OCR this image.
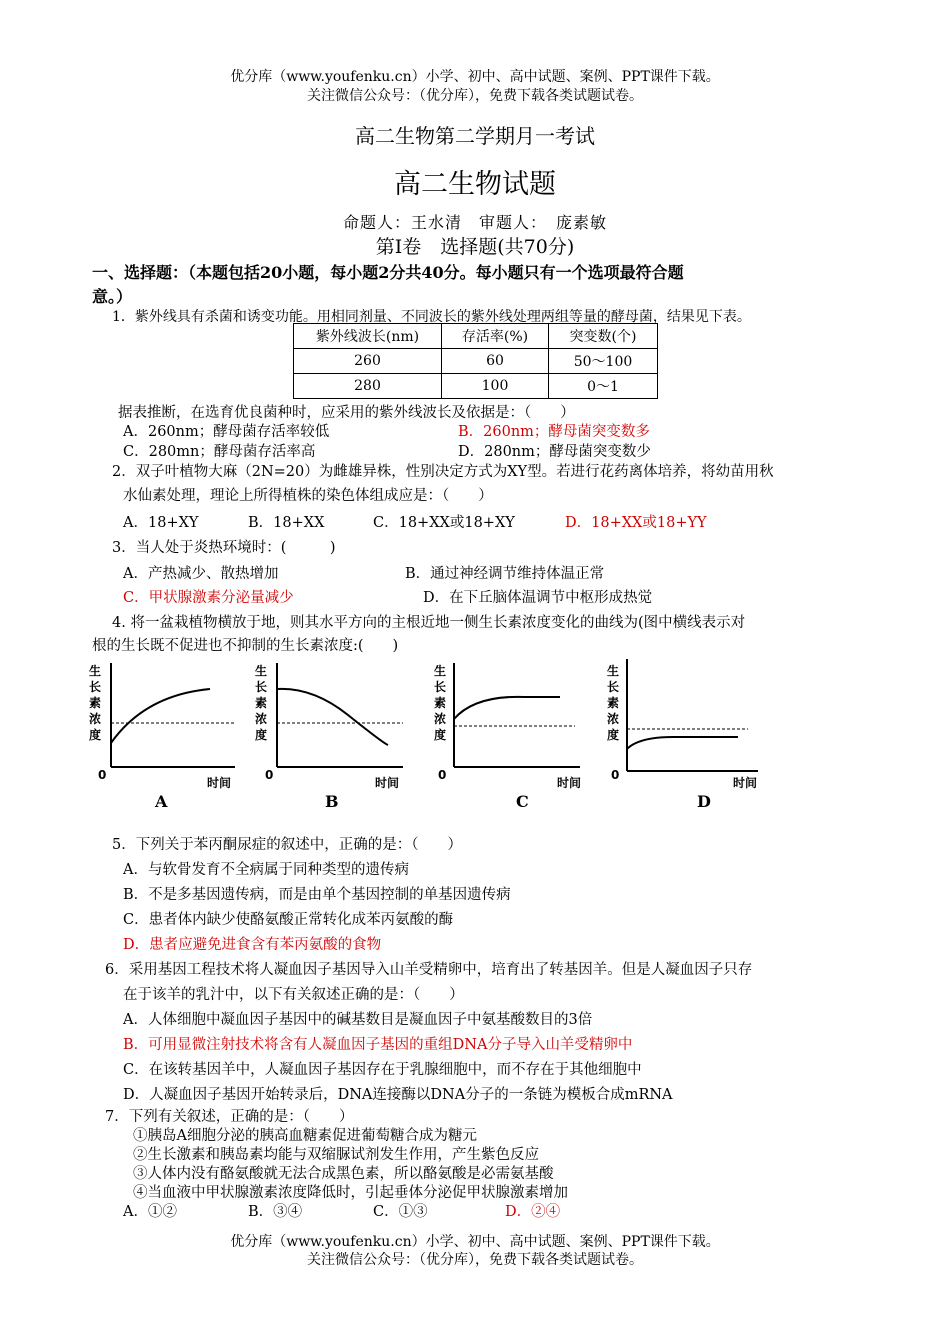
优分库（www.youfenku.cn）小学、初中、高中试题、案例、PPT课件下载。
关注微信公众号：（优分库），免费下载各类试题试卷。
高二生物第二学期月一考试
高二生物试题
命题人：王水清　审题人：　庞素敏
第Ⅰ卷　选择题(共70分)
一、选择题：（本题包括20小题，每小题2分共40分。每小题只有一个选项最符合题
意。）
1．紫外线具有杀菌和诱变功能。用相同剂量、不同波长的紫外线处理两组等量的酵母菌，结果见下表。
紫外线波长(nm)	存活率(%)	突变数(个)
260	60	50～100
280	100	0～1
据表推断，在选育优良菌种时，应采用的紫外线波长及依据是：（　　）
A．260nm；酵母菌存活率较低	B．260nm；酵母菌突变数多
C．280mn；酵母菌存活率高	D．280nm；酵母菌突变数少
2．双子叶植物大麻（2N=20）为雌雄异株，性别决定方式为XY型。若进行花药离体培养，将幼苗用秋
水仙素处理，理论上所得植株的染色体组成应是：（　　）
A．18+XY	B．18+XX	C．18+XX或18+XY	D．18+XX或18+YY
3．当人处于炎热环境时：(　　　)
A．产热减少、散热增加	B．通过神经调节维持体温正常
C．甲状腺激素分泌量减少	D．在下丘脑体温调节中枢形成热觉
4. 将一盆栽植物横放于地，则其水平方向的主根近地一侧生长素浓度变化的曲线为(图中横线表示对
根的生长既不促进也不抑制的生长素浓度:(　　)
生
长
素
浓
度
0
时间
A
生
长
素
浓
度
0
时间
B
生
长
素
浓
度
0
时间
C
生
长
素
浓
度
0
时间
D
5．下列关于苯丙酮尿症的叙述中，正确的是：（　　）
A．与软骨发育不全病属于同种类型的遗传病
B．不是多基因遗传病，而是由单个基因控制的单基因遗传病
C．患者体内缺少使酪氨酸正常转化成苯丙氨酸的酶
D．患者应避免进食含有苯丙氨酸的食物
6．采用基因工程技术将人凝血因子基因导入山羊受精卵中，培育出了转基因羊。但是人凝血因子只存
在于该羊的乳汁中，以下有关叙述正确的是：（　　）
A．人体细胞中凝血因子基因中的碱基数目是凝血因子中氨基酸数目的3倍
B．可用显微注射技术将含有人凝血因子基因的重组DNA分子导入山羊受精卵中
C．在该转基因羊中，人凝血因子基因存在于乳腺细胞中，而不存在于其他细胞中
D．人凝血因子基因开始转录后，DNA连接酶以DNA分子的一条链为模板合成mRNA
7．下列有关叙述，正确的是：（　　）
①胰岛A细胞分泌的胰高血糖素促进葡萄糖合成为糖元
②生长激素和胰岛素均能与双缩脲试剂发生作用，产生紫色反应
③人体内没有酪氨酸就无法合成黑色素，所以酪氨酸是必需氨基酸
④当血液中甲状腺激素浓度降低时，引起垂体分泌促甲状腺激素增加
A．①②	B．③④	C．①③	D．②④
优分库（www.youfenku.cn）小学、初中、高中试题、案例、PPT课件下载。
关注微信公众号：（优分库），免费下载各类试题试卷。
